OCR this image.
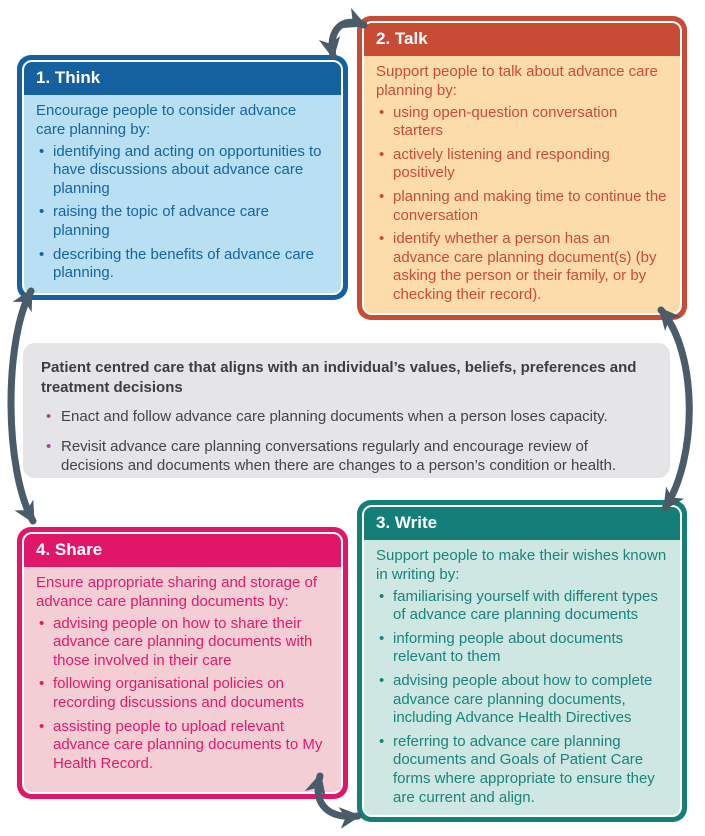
1. Think

Encourage people to consider advance care planning by:

• identifying and acting on opportunities to have discussions about advance care planning
• raising the topic of advance care planning
• describing the benefits of advance care planning.
2. Talk

Support people to talk about advance care planning by:

• using open-question conversation starters
• actively listening and responding positively
• planning and making time to continue the conversation
• identify whether a person has an advance care planning document(s) (by asking the person or their family, or by checking their record).
Patient centred care that aligns with an individual’s values, beliefs, preferences and treatment decisions
• Enact and follow advance care planning documents when a person loses capacity.
• Revisit advance care planning conversations regularly and encourage review of decisions and documents when there are changes to a person’s condition or health.
4. Share

Ensure appropriate sharing and storage of advance care planning documents by:

• advising people on how to share their advance care planning documents with those involved in their care
• following organisational policies on recording discussions and documents
• assisting people to upload relevant advance care planning documents to My Health Record.
3. Write

Support people to make their wishes known in writing by:

• familiarising yourself with different types of advance care planning documents
• informing people about documents relevant to them
• advising people about how to complete advance care planning documents, including Advance Health Directives
• referring to advance care planning documents and Goals of Patient Care forms where appropriate to ensure they are current and align.
